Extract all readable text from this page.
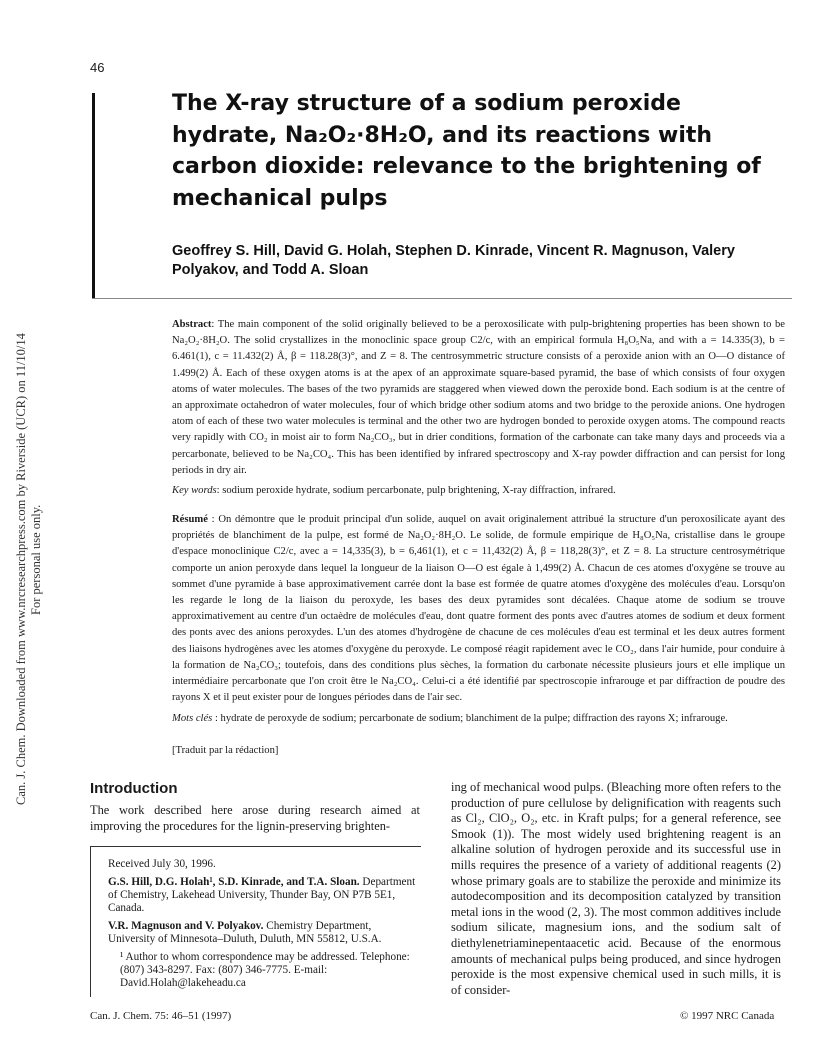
46
Can. J. Chem. Downloaded from www.nrcresearchpress.com by Riverside (UCR) on 11/10/14 For personal use only.
The X-ray structure of a sodium peroxide hydrate, Na₂O₂·8H₂O, and its reactions with carbon dioxide: relevance to the brightening of mechanical pulps
Geoffrey S. Hill, David G. Holah, Stephen D. Kinrade, Vincent R. Magnuson, Valery Polyakov, and Todd A. Sloan
Abstract: The main component of the solid originally believed to be a peroxosilicate with pulp-brightening properties has been shown to be Na₂O₂·8H₂O. The solid crystallizes in the monoclinic space group C2/c, with an empirical formula H₈O₅Na, and with a = 14.335(3), b = 6.461(1), c = 11.432(2) Å, β = 118.28(3)°, and Z = 8. The centrosymmetric structure consists of a peroxide anion with an O—O distance of 1.499(2) Å. Each of these oxygen atoms is at the apex of an approximate square-based pyramid, the base of which consists of four oxygen atoms of water molecules. The bases of the two pyramids are staggered when viewed down the peroxide bond. Each sodium is at the centre of an approximate octahedron of water molecules, four of which bridge other sodium atoms and two bridge to the peroxide anions. One hydrogen atom of each of these two water molecules is terminal and the other two are hydrogen bonded to peroxide oxygen atoms. The compound reacts very rapidly with CO₂ in moist air to form Na₂CO₃, but in drier conditions, formation of the carbonate can take many days and proceeds via a percarbonate, believed to be Na₂CO₄. This has been identified by infrared spectroscopy and X-ray powder diffraction and can persist for long periods in dry air.
Key words: sodium peroxide hydrate, sodium percarbonate, pulp brightening, X-ray diffraction, infrared.
Résumé : On démontre que le produit principal d'un solide, auquel on avait originalement attribué la structure d'un peroxosilicate ayant des propriétés de blanchiment de la pulpe, est formé de Na₂O₂·8H₂O. Le solide, de formule empirique de H₈O₅Na, cristallise dans le groupe d'espace monoclinique C2/c, avec a = 14,335(3), b = 6,461(1), et c = 11,432(2) Å, β = 118,28(3)°, et Z = 8. La structure centrosymétrique comporte un anion peroxyde dans lequel la longueur de la liaison O—O est égale à 1,499(2) Å. Chacun de ces atomes d'oxygène se trouve au sommet d'une pyramide à base approximativement carrée dont la base est formée de quatre atomes d'oxygène des molécules d'eau. Lorsqu'on les regarde le long de la liaison du peroxyde, les bases des deux pyramides sont décalées. Chaque atome de sodium se trouve approximativement au centre d'un octaèdre de molécules d'eau, dont quatre forment des ponts avec d'autres atomes de sodium et deux forment des ponts avec des anions peroxydes. L'un des atomes d'hydrogène de chacune de ces molécules d'eau est terminal et les deux autres forment des liaisons hydrogènes avec les atomes d'oxygène du peroxyde. Le composé réagit rapidement avec le CO₂, dans l'air humide, pour conduire à la formation de Na₂CO₃; toutefois, dans des conditions plus sèches, la formation du carbonate nécessite plusieurs jours et elle implique un intermédiaire percarbonate que l'on croit être le Na₂CO₄. Celui-ci a été identifié par spectroscopie infrarouge et par diffraction de poudre des rayons X et il peut exister pour de longues périodes dans de l'air sec.
Mots clés : hydrate de peroxyde de sodium; percarbonate de sodium; blanchiment de la pulpe; diffraction des rayons X; infrarouge.
[Traduit par la rédaction]
Introduction
The work described here arose during research aimed at improving the procedures for the lignin-preserving brighten-
ing of mechanical wood pulps. (Bleaching more often refers to the production of pure cellulose by delignification with reagents such as Cl₂, ClO₂, O₂, etc. in Kraft pulps; for a general reference, see Smook (1)). The most widely used brightening reagent is an alkaline solution of hydrogen peroxide and its successful use in mills requires the presence of a variety of additional reagents (2) whose primary goals are to stabilize the peroxide and minimize its autodecomposition and its decomposition catalyzed by transition metal ions in the wood (2, 3). The most common additives include sodium silicate, magnesium ions, and the sodium salt of diethylenetriaminepentaacetic acid. Because of the enormous amounts of mechanical pulps being produced, and since hydrogen peroxide is the most expensive chemical used in such mills, it is of consider-

Received July 30, 1996.

G.S. Hill, D.G. Holah¹, S.D. Kinrade, and T.A. Sloan. Department of Chemistry, Lakehead University, Thunder Bay, ON P7B 5E1, Canada.

V.R. Magnuson and V. Polyakov. Chemistry Department, University of Minnesota–Duluth, Duluth, MN 55812, U.S.A.

¹ Author to whom correspondence may be addressed. Telephone: (807) 343-8297. Fax: (807) 346-7775. E-mail: David.Holah@lakeheadu.ca

Can. J. Chem. 75: 46–51 (1997)	© 1997 NRC Canada
